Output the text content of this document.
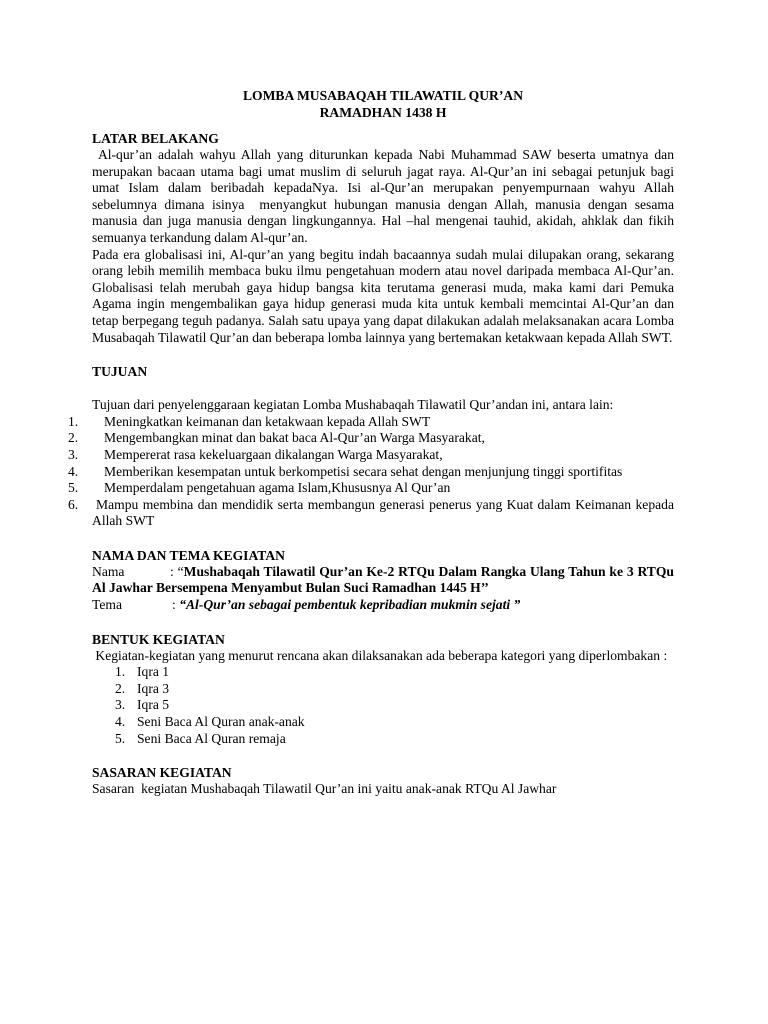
LOMBA MUSABAQAH TILAWATIL QUR’AN

RAMADHAN 1438 H

LATAR BELAKANG

Al-qur’an adalah wahyu Allah yang diturunkan kepada Nabi Muhammad SAW beserta umatnya dan merupakan bacaan utama bagi umat muslim di seluruh jagat raya. Al-Qur’an ini sebagai petunjuk bagi umat Islam dalam beribadah kepadaNya. Isi al-Qur’an merupakan penyempurnaan wahyu Allah sebelumnya dimana isinya  menyangkut hubungan manusia dengan Allah, manusia dengan sesama manusia dan juga manusia dengan lingkungannya. Hal –hal mengenai tauhid, akidah, ahklak dan fikih semuanya terkandung dalam Al-qur’an.

Pada era globalisasi ini, Al-qur’an yang begitu indah bacaannya sudah mulai dilupakan orang, sekarang orang lebih memilih membaca buku ilmu pengetahuan modern atau novel daripada membaca Al-Qur’an. Globalisasi telah merubah gaya hidup bangsa kita terutama generasi muda, maka kami dari Pemuka Agama ingin mengembalikan gaya hidup generasi muda kita untuk kembali memcintai Al-Qur’an dan tetap berpegang teguh padanya. Salah satu upaya yang dapat dilakukan adalah melaksanakan acara Lomba Musabaqah Tilawatil Qur’an dan beberapa lomba lainnya yang bertemakan ketakwaan kepada Allah SWT.

TUJUAN

Tujuan dari penyelenggaraan kegiatan Lomba Mushabaqah Tilawatil Qur’andan ini, antara lain:

1.	Meningkatkan keimanan dan ketakwaan kepada Allah SWT
2.	Mengembangkan minat dan bakat baca Al-Qur’an Warga Masyarakat,
3.	Mempererat rasa kekeluargaan dikalangan Warga Masyarakat,
4.	Memberikan kesempatan untuk berkompetisi secara sehat dengan menjunjung tinggi sportifitas
5.	Memperdalam pengetahuan agama Islam,Khususnya Al Qur’an
6.	Mampu membina dan mendidik serta membangun generasi penerus yang Kuat dalam Keimanan kepada Allah SWT
NAMA DAN TEMA KEGIATAN

Nama	: “Mushabaqah Tilawatil Qur’an Ke-2 RTQu Dalam Rangka Ulang Tahun ke 3 RTQu Al Jawhar Bersempena Menyambut Bulan Suci Ramadhan 1445 H’’

Tema	: “Al-Qur’an sebagai pembentuk kepribadian mukmin sejati ”

BENTUK KEGIATAN

Kegiatan-kegiatan yang menurut rencana akan dilaksanakan ada beberapa kategori yang diperlombakan :

1. Iqra 1
2. Iqra 3
3. Iqra 5
4. Seni Baca Al Quran anak-anak
5. Seni Baca Al Quran remaja
SASARAN KEGIATAN

Sasaran  kegiatan Mushabaqah Tilawatil Qur’an ini yaitu anak-anak RTQu Al Jawhar
